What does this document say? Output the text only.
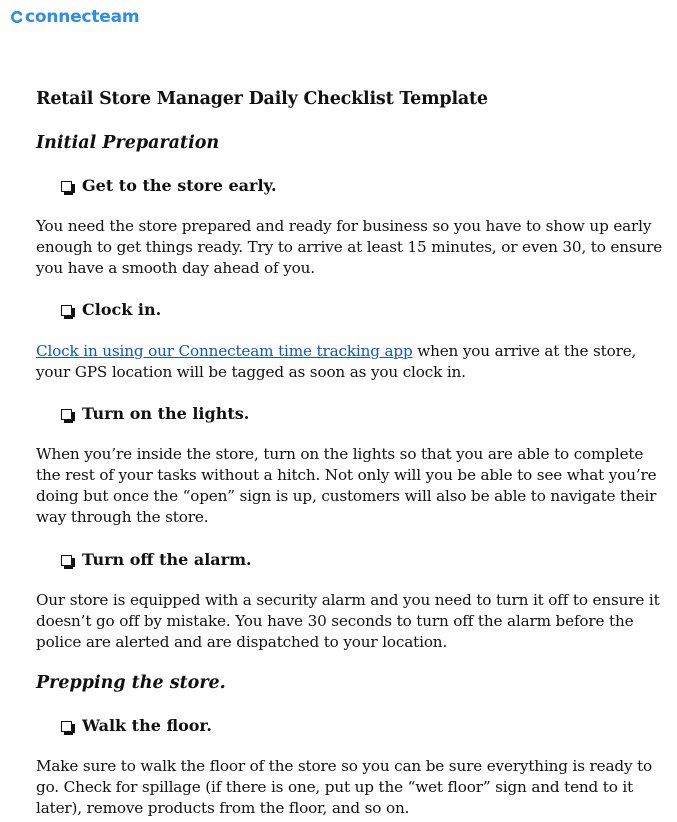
connecteam
Retail Store Manager Daily Checklist Template
Initial Preparation
Get to the store early.

You need the store prepared and ready for business so you have to show up early enough to get things ready. Try to arrive at least 15 minutes, or even 30, to ensure you have a smooth day ahead of you.

Clock in.

Clock in using our Connecteam time tracking app when you arrive at the store, your GPS location will be tagged as soon as you clock in.

Turn on the lights.

When you’re inside the store, turn on the lights so that you are able to complete the rest of your tasks without a hitch. Not only will you be able to see what you’re doing but once the “open” sign is up, customers will also be able to navigate their way through the store.

Turn off the alarm.

Our store is equipped with a security alarm and you need to turn it off to ensure it doesn’t go off by mistake. You have 30 seconds to turn off the alarm before the police are alerted and are dispatched to your location.

Prepping the store.
Walk the floor.

Make sure to walk the floor of the store so you can be sure everything is ready to go. Check for spillage (if there is one, put up the “wet floor” sign and tend to it later), remove products from the floor, and so on.
